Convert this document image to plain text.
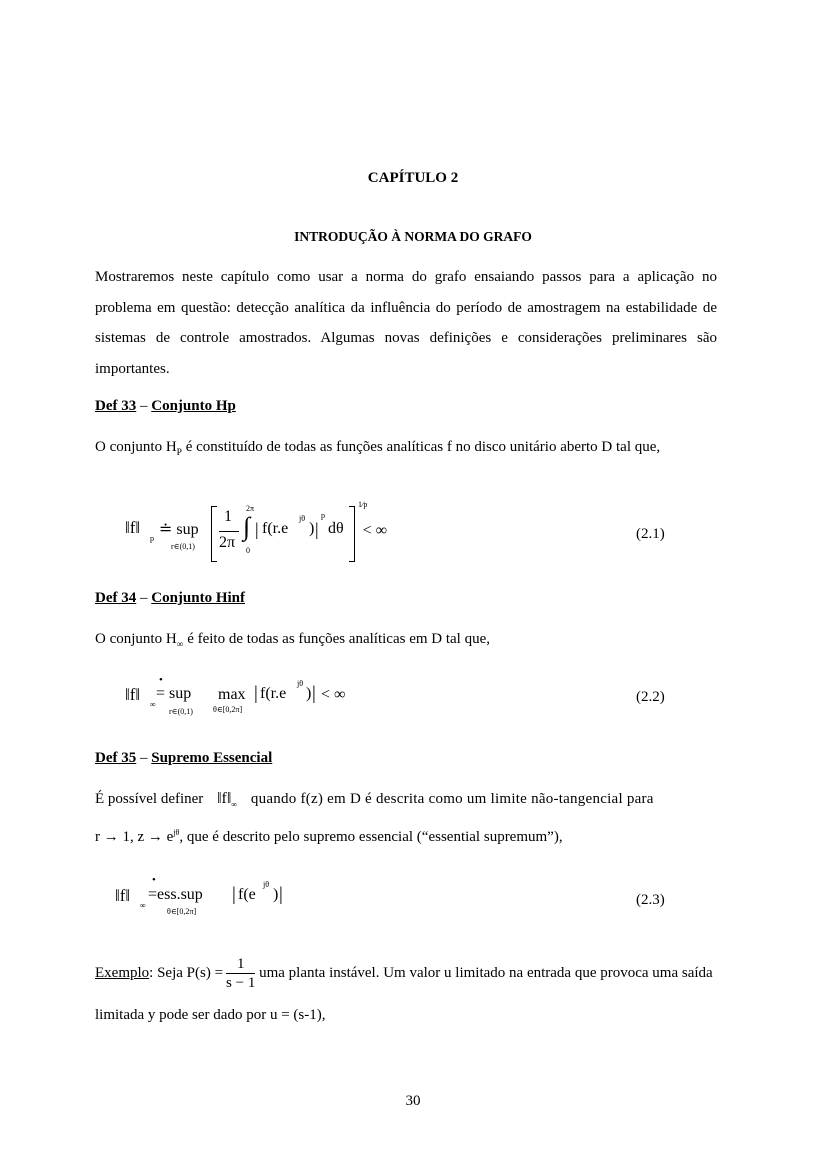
CAPÍTULO 2
INTRODUÇÃO À NORMA DO GRAFO
Mostraremos neste capítulo como usar a norma do grafo ensaiando passos para a aplicação no problema em questão: detecção analítica da influência do período de amostragem na estabilidade de sistemas de controle amostrados. Algumas novas definições e considerações preliminares são importantes.
Def 33 – Conjunto Hp
O conjunto $H_P$ é constituído de todas as funções analíticas f no disco unitário aberto D tal que,
‖f‖
p
≐ sup
r∈(0,1)
1
2π
2π
∫
0
| f(r.e
jθ
) |
p
dθ
1⁄p
< ∞	(2.1)
Def 34 – Conjunto Hinf
O conjunto $H_\infty$ é feito de todas as funções analíticas em D tal que,
‖f‖
∞
•
= sup
r∈(0,1)
max
θ∈[0,2π]
| f(r.e
jθ
) | < ∞	(2.2)
Def 35 – Supremo Essencial
É possível definer $‖f‖_\infty$ quando f(z) em D é descrita como um limite não-tangencial para
r → 1, $z \to e^{j\theta}$, que é descrito pelo supremo essencial (“essential supremum”),
‖f‖
∞
•
=ess.sup
θ∈[0,2π]
| f(e
jθ
) |	(2.3)
Exemplo: Seja $P(s) = \frac{1}{s - 1}$ uma planta instável. Um valor u limitado na entrada que provoca uma saída limitada y pode ser dado por u = (s-1),
30
